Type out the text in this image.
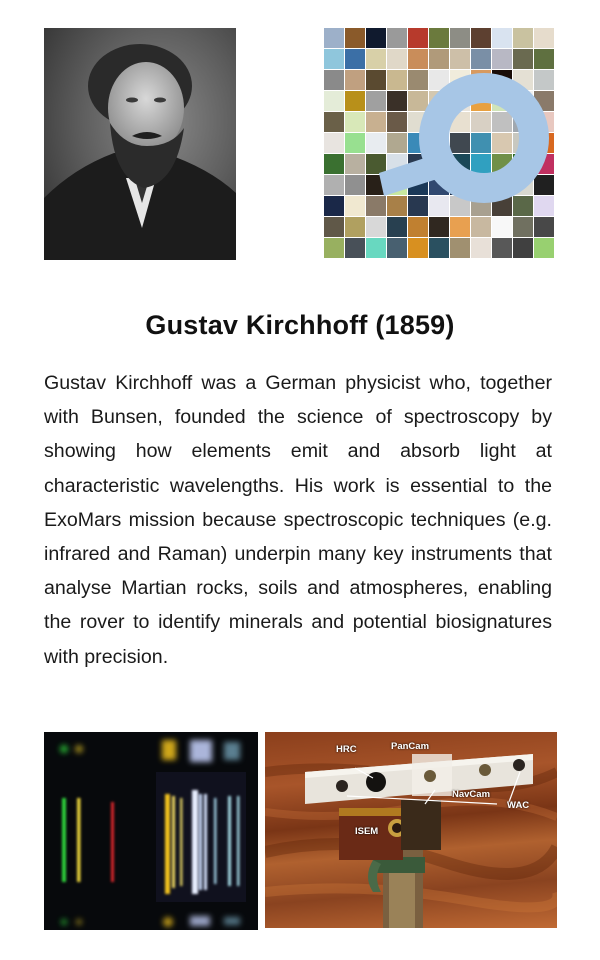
Gustav Kirchhoff (1859)
Gustav Kirchhoff was a German physicist who, together with Bunsen, founded the science of spectroscopy by showing how elements emit and absorb light at characteristic wavelengths. His work is essential to the ExoMars mission because spectroscopic techniques (e.g. infrared and Raman) underpin many key instruments that analyse Martian rocks, soils and atmospheres, enabling the rover to identify minerals and potential biosignatures with precision.
HRC	PanCam
NavCam
WAC
ISEM
